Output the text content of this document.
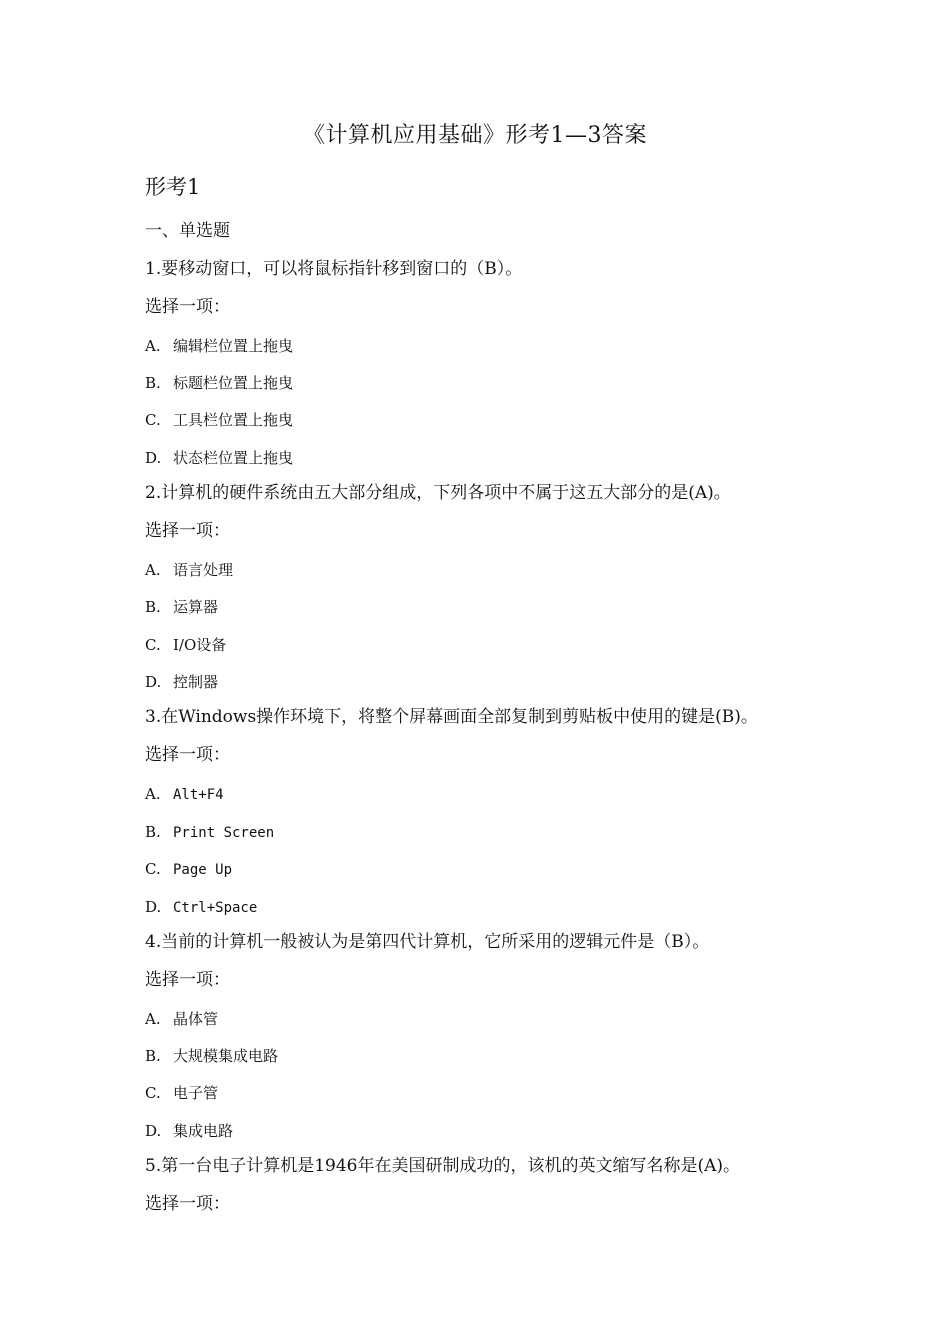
《计算机应用基础》形考1—3答案
形考1
一、单选题
1.要移动窗口，可以将鼠标指针移到窗口的（B）。
选择一项：
A. 编辑栏位置上拖曳
B. 标题栏位置上拖曳
C. 工具栏位置上拖曳
D. 状态栏位置上拖曳
2.计算机的硬件系统由五大部分组成，下列各项中不属于这五大部分的是(A)。
选择一项：
A. 语言处理
B. 运算器
C. I/O设备
D. 控制器
3.在Windows操作环境下，将整个屏幕画面全部复制到剪贴板中使用的键是(B)。
选择一项：
A. Alt+F4
B. Print Screen
C. Page Up
D. Ctrl+Space
4.当前的计算机一般被认为是第四代计算机，它所采用的逻辑元件是（B）。
选择一项：
A. 晶体管
B. 大规模集成电路
C. 电子管
D. 集成电路
5.第一台电子计算机是1946年在美国研制成功的，该机的英文缩写名称是(A)。
选择一项：
